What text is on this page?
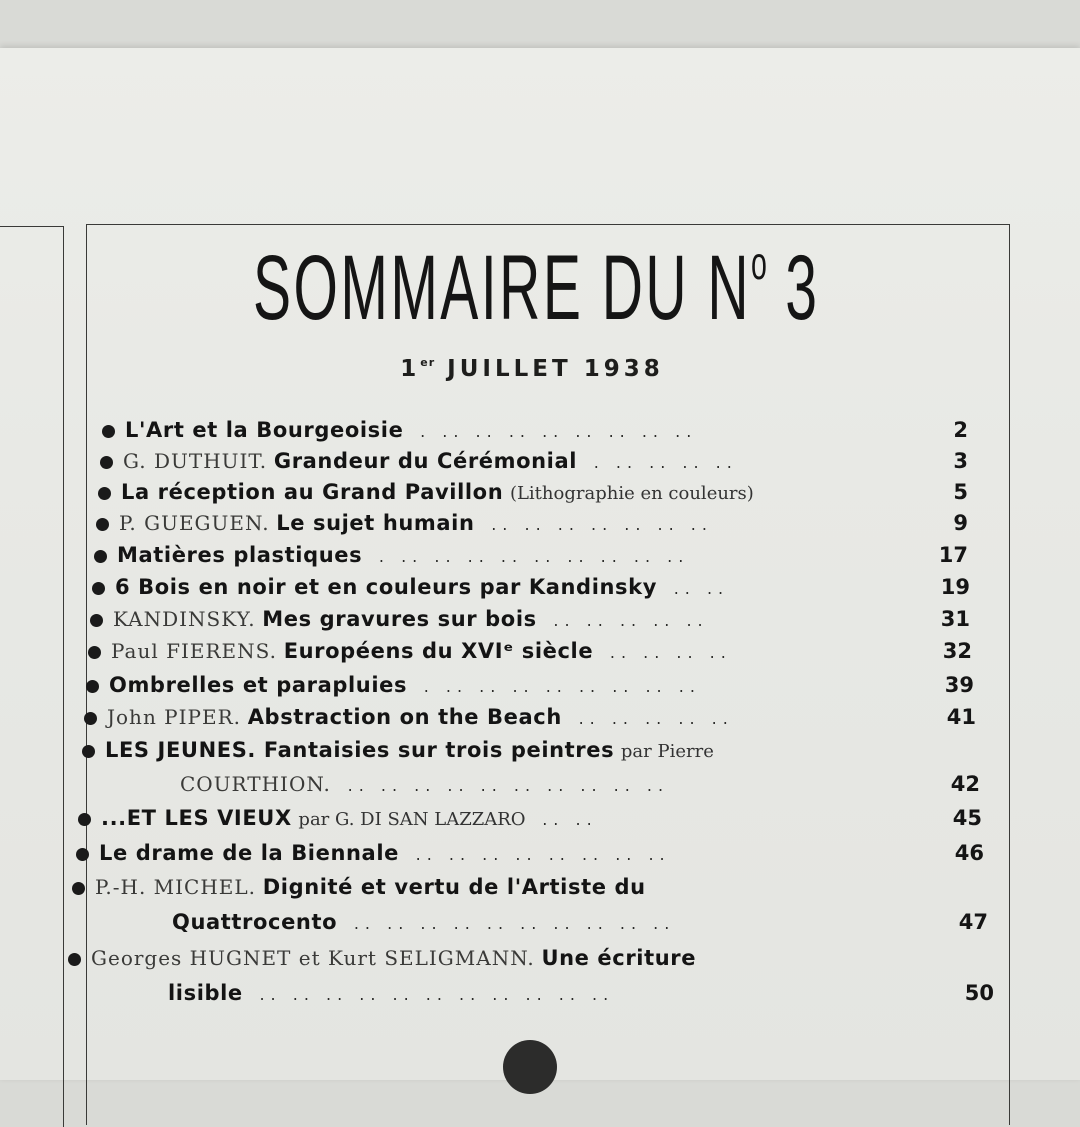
SOMMAIRE DU $N^o$ 3
1er JUILLET 1938
L'Art et la Bourgeoisie . .. .. .. .. .. .. .. ..	2
G. DUTHUIT. Grandeur du Cérémonial . .. .. .. ..	3
La réception au Grand Pavillon (Lithographie en couleurs)	5
P. GUEGUEN. Le sujet humain .. .. .. .. .. .. ..	9
Matières plastiques . .. .. .. .. .. .. .. .. ..	17
6 Bois en noir et en couleurs par Kandinsky .. ..	19
KANDINSKY. Mes gravures sur bois .. .. .. .. ..	31
Paul FIERENS. Européens du XVIᵉ siècle .. .. .. ..	32
Ombrelles et parapluies . .. .. .. .. .. .. .. ..	39
John PIPER. Abstraction on the Beach .. .. .. .. ..	41
LES JEUNES. Fantaisies sur trois peintres par Pierre
COURTHION. .. .. .. .. .. .. .. .. .. ..	42
...ET LES VIEUX par G. DI SAN LAZZARO .. ..	45
Le drame de la Biennale .. .. .. .. .. .. .. ..	46
P.-H. MICHEL. Dignité et vertu de l'Artiste du
Quattrocento .. .. .. .. .. .. .. .. .. ..	47
Georges HUGNET et Kurt SELIGMANN. Une écriture
lisible .. .. .. .. .. .. .. .. .. .. ..	50
